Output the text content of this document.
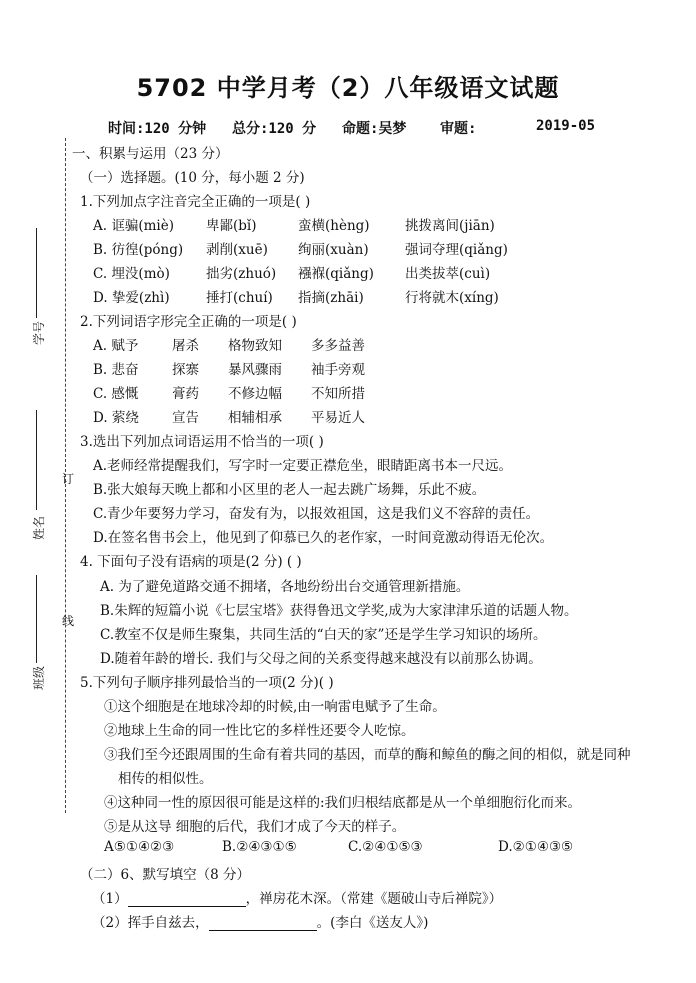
学号
姓名
班级
订
线
5702 中学月考（2）八年级语文试题
时间:120 分钟 总分:120 分 命题:吴梦 审题:	2019-05
一、积累与运用（23 分）
（一）选择题。(10 分，每小题 2 分)
1.下列加点字注音完全正确的一项是( )
A. 诓骗(miè) 卑鄙(bǐ)	蛮横(hèng)	挑拨离间(jiān)
B. 彷徨(póng) 剥削(xuē) 绚丽(xuàn)	强词夺理(qiǎng)
C. 埋没(mò)	拙劣(zhuó) 襁褓(qiǎng) 出类拔萃(cuì)
D. 挚爱(zhì)	捶打(chuí) 指摘(zhāi)	行将就木(xíng)
2.下列词语字形完全正确的一项是( )
A. 赋予 屠杀 格物致知 多多益善
B. 悲奋 探寨 暴风骤雨 袖手旁观
C. 感慨 膏药 不修边幅 不知所措
D. 萦绕 宣告 相辅相承 平易近人
3.选出下列加点词语运用不恰当的一项( )
A.老师经常提醒我们，写字时一定要正襟危坐，眼睛距离书本一尺远。
B.张大娘每天晚上都和小区里的老人一起去跳广场舞，乐此不疲。
C.青少年要努力学习，奋发有为，以报效祖国，这是我们义不容辞的责任。
D.在签名售书会上，他见到了仰慕已久的老作家，一时间竟激动得语无伦次。
4. 下面句子没有语病的项是(2 分) ( )
A. 为了避免道路交通不拥堵，各地纷纷出台交通管理新措施。
B.朱辉的短篇小说《七层宝塔》获得鲁迅文学奖,成为大家津津乐道的话题人物。
C.教室不仅是师生聚集，共同生活的“白天的家”还是学生学习知识的场所。
D.随着年龄的增长. 我们与父母之间的关系变得越来越没有以前那么协调。
5.下列句子顺序排列最恰当的一项(2 分)( )
①这个细胞是在地球冷却的时候,由一响雷电赋予了生命。
②地球上生命的同一性比它的多样性还要令人吃惊。
③我们至今还跟周围的生命有着共同的基因，而草的酶和鲸鱼的酶之间的相似，就是同种
相传的相似性。
④这种同一性的原因很可能是这样的:我们归根结底都是从一个单细胞衍化而来。
⑤是从这导 细胞的后代，我们才成了今天的样子。
A⑤①④②③	B.②④③①⑤	C.②④①⑤③	D.②①④③⑤
（二）6、默写填空（8 分）
（1）	，禅房花木深。（常建《题破山寺后禅院》）
（2）挥手自兹去，	。(李白《送友人》)
